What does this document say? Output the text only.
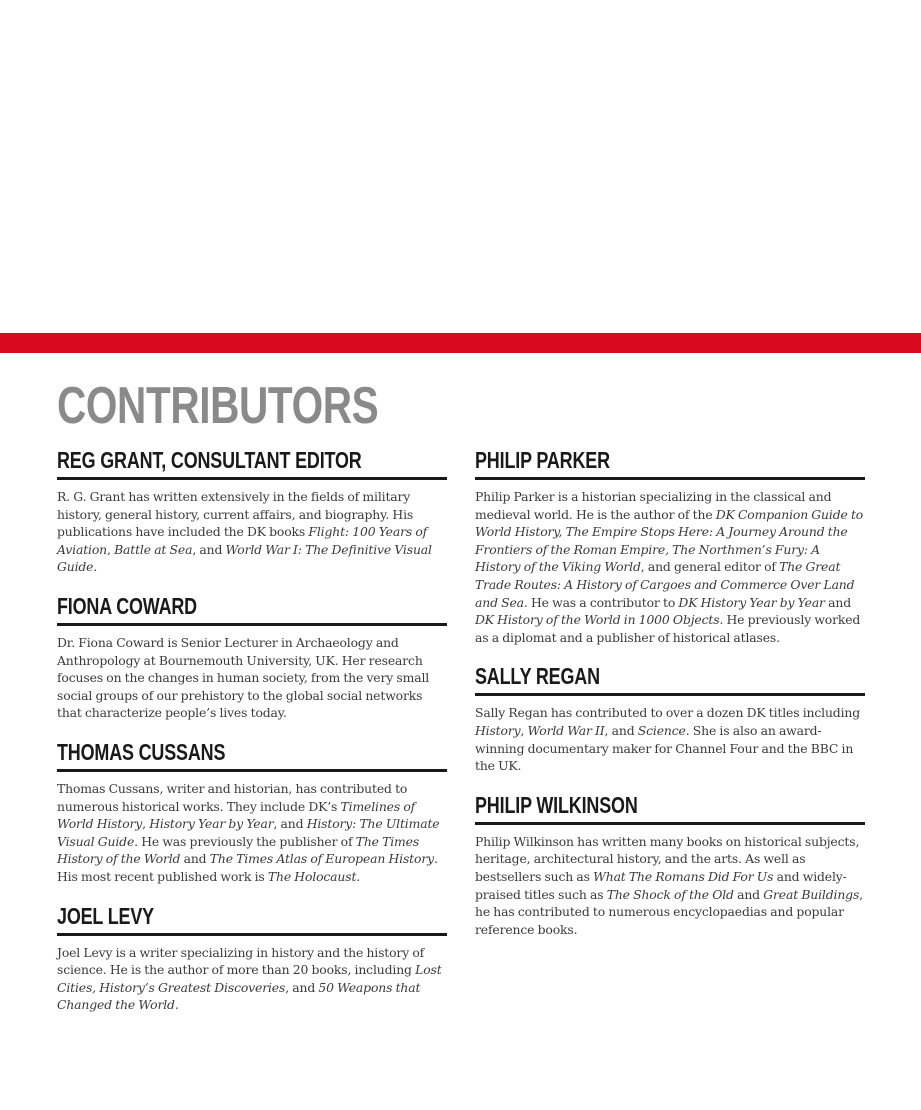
CONTRIBUTORS
REG GRANT, CONSULTANT EDITOR

R. G. Grant has written extensively in the fields of military history, general history, current affairs, and biography. His publications have included the DK books Flight: 100 Years of Aviation, Battle at Sea, and World War I: The Definitive Visual Guide.

FIONA COWARD

Dr. Fiona Coward is Senior Lecturer in Archaeology and Anthropology at Bournemouth University, UK. Her research focuses on the changes in human society, from the very small social groups of our prehistory to the global social networks that characterize people’s lives today.

THOMAS CUSSANS

Thomas Cussans, writer and historian, has contributed to numerous historical works. They include DK’s Timelines of World History, History Year by Year, and History: The Ultimate Visual Guide. He was previously the publisher of The Times History of the World and The Times Atlas of European History. His most recent published work is The Holocaust.

JOEL LEVY

Joel Levy is a writer specializing in history and the history of science. He is the author of more than 20 books, including Lost Cities, History’s Greatest Discoveries, and 50 Weapons that Changed the World.

PHILIP PARKER

Philip Parker is a historian specializing in the classical and medieval world. He is the author of the DK Companion Guide to World History, The Empire Stops Here: A Journey Around the Frontiers of the Roman Empire, The Northmen’s Fury: A History of the Viking World, and general editor of The Great Trade Routes: A History of Cargoes and Commerce Over Land and Sea. He was a contributor to DK History Year by Year and DK History of the World in 1000 Objects. He previously worked as a diplomat and a publisher of historical atlases.

SALLY REGAN

Sally Regan has contributed to over a dozen DK titles including History, World War II, and Science. She is also an award-winning documentary maker for Channel Four and the BBC in the UK.

PHILIP WILKINSON

Philip Wilkinson has written many books on historical subjects, heritage, architectural history, and the arts. As well as bestsellers such as What The Romans Did For Us and widely-praised titles such as The Shock of the Old and Great Buildings, he has contributed to numerous encyclopaedias and popular reference books.
